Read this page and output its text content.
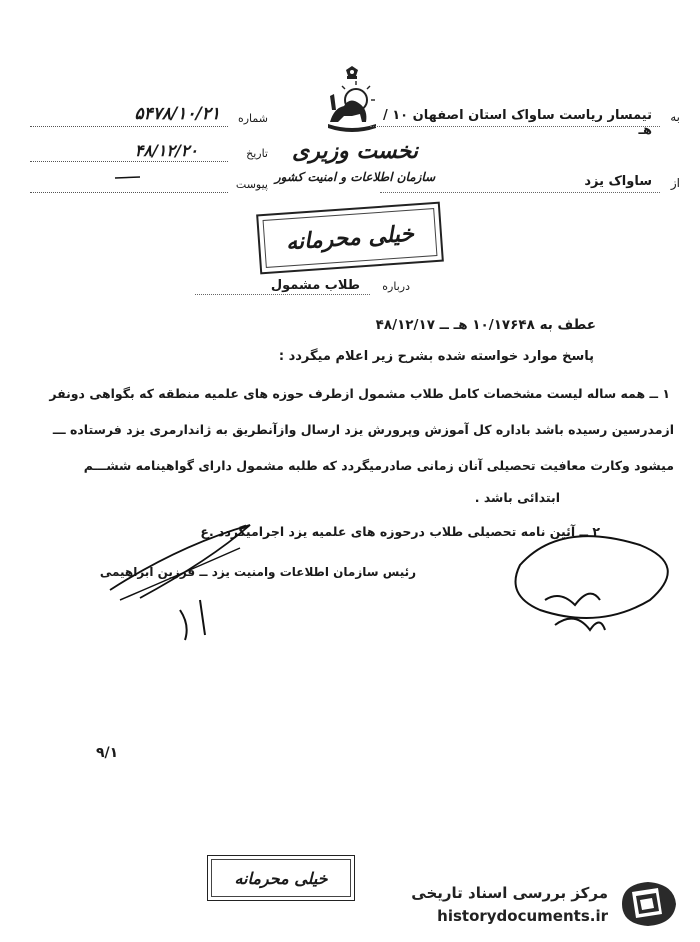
شماره
۵۴۷۸/۱۰/۲۱
تاریخ
۴۸/۱۲/۲۰
پیوست
نخست وزیری
سازمان اطلاعات و امنیت کشور
به
تیمسار ریاست ساواک استان اصفهان ۱۰ /هـ
از
ساواک یزد
خیلی محرمانه
درباره
طلاب مشمول
عطف به ۱۰/۱۷۶۴۸ هـ ــ ۴۸/۱۲/۱۷
پاسخ موارد خواسته شده بشرح زیر اعلام میگردد :
۱ ــ همه ساله لیست مشخصات کامل طلاب مشمول ازطرف حوزه های علمیه منطقه که بگواهی دونفر
ازمدرسین رسیده باشد باداره کل آموزش وپرورش یزد ارسال وازآنطریق به ژاندارمری یزد فرستاده ـــ
میشود وکارت معافیت تحصیلی آنان زمانی صادرمیگردد که طلبه مشمول دارای گواهینامه ششـــم
ابتدائی باشد .
۲ ــ آئین نامه تحصیلی طلاب درحوزه های علمیه یزد اجرامیگردد .ع
رئیس سازمان اطلاعات وامنیت یزد ــ فرزین ابراهیمی
۹/۱
خیلی محرمانه
مرکز بررسی اسناد تاریخی
historydocuments.ir
